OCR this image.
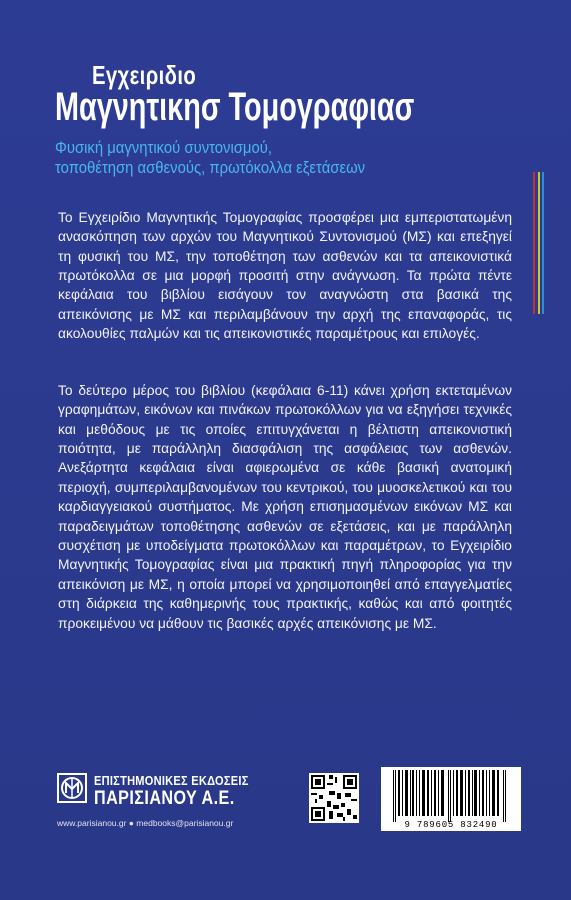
Εγχειριδιο
Μαγνητικησ Τομογραφιασ
Φυσική μαγνητικού συντονισμού,
τοποθέτηση ασθενούς, πρωτόκολλα εξετάσεων

Το Εγχειρίδιο Μαγνητικής Τομογραφίας προσφέρει μια εμπεριστατωμένη ανασκόπηση των αρχών του Μαγνητικού Συντονισμού (ΜΣ) και επεξηγεί τη φυσική του ΜΣ, την τοποθέτηση των ασθενών και τα απεικονιστικά πρωτόκολλα σε μια μορφή προσιτή στην ανάγνωση. Τα πρώτα πέντε κεφάλαια του βιβλίου εισάγουν τον αναγνώστη στα βασικά της απεικόνισης με ΜΣ και περιλαμβάνουν την αρχή της επαναφοράς, τις ακολουθίες παλμών και τις απεικονιστικές παραμέτρους και επιλογές.

Το δεύτερο μέρος του βιβλίου (κεφάλαια 6-11) κάνει χρήση εκτεταμένων γραφημάτων, εικόνων και πινάκων πρωτοκόλλων για να εξηγήσει τεχνικές και μεθόδους με τις οποίες επιτυγχάνεται η βέλτιστη απεικονιστική ποιότητα, με παράλληλη διασφάλιση της ασφάλειας των ασθενών. Ανεξάρτητα κεφάλαια είναι αφιερωμένα σε κάθε βασική ανατομική περιοχή, συμπεριλαμβανομένων του κεντρικού, του μυοσκελετικού και του καρδιαγγειακού συστήματος. Με χρήση επισημασμένων εικόνων ΜΣ και παραδειγμάτων τοποθέτησης ασθενών σε εξετάσεις, και με παράλληλη συσχέτιση με υποδείγματα πρωτοκόλλων και παραμέτρων, το Εγχειρίδιο Μαγνητικής Τομογραφίας είναι μια πρακτική πηγή πληροφορίας για την απεικόνιση με ΜΣ, η οποία μπορεί να χρησιμοποιηθεί από επαγγελματίες στη διάρκεια της καθημερινής τους πρακτικής, καθώς και από φοιτητές προκειμένου να μάθουν τις βασικές αρχές απεικόνισης με ΜΣ.

ΕΠΙΣΤΗΜΟΝΙΚΕΣ ΕΚΔΟΣΕΙΣ
ΠΑΡΙΣΙΑΝΟΥ Α.Ε.
www.parisianou.gr ● medbooks@parisianou.gr	9 789605 832490
